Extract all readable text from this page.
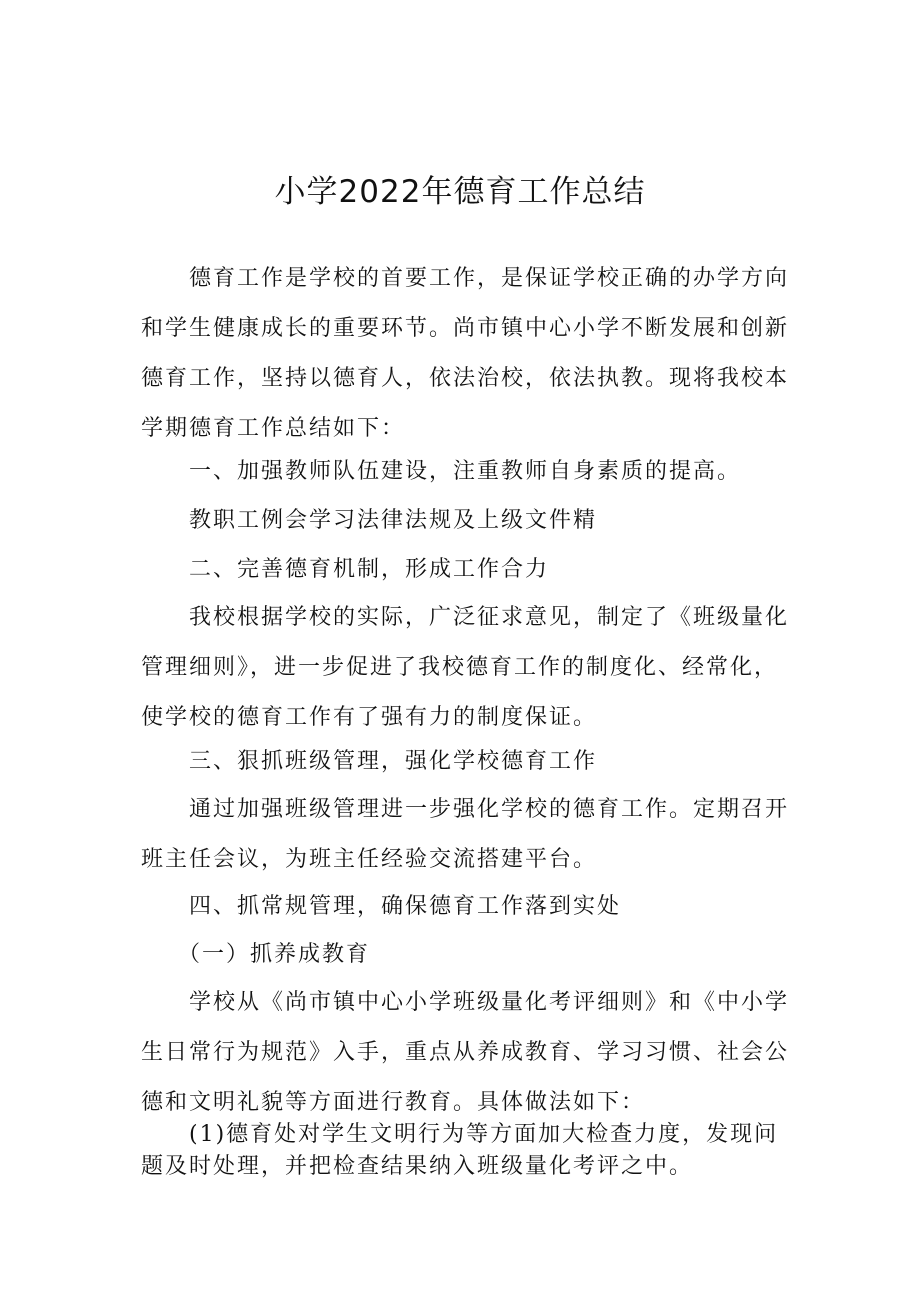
小学2022年德育工作总结

　　德育工作是学校的首要工作，是保证学校正确的办学方向
和学生健康成长的重要环节。尚市镇中心小学不断发展和创新
德育工作，坚持以德育人，依法治校，依法执教。现将我校本
学期德育工作总结如下：

　　一、加强教师队伍建设，注重教师自身素质的提高。

　　教职工例会学习法律法规及上级文件精

　　二、完善德育机制，形成工作合力

　　我校根据学校的实际，广泛征求意见，制定了《班级量化
管理细则》，进一步促进了我校德育工作的制度化、经常化，
使学校的德育工作有了强有力的制度保证。

　　三、狠抓班级管理，强化学校德育工作

　　通过加强班级管理进一步强化学校的德育工作。定期召开
班主任会议，为班主任经验交流搭建平台。

　　四、抓常规管理，确保德育工作落到实处

　　（一）抓养成教育

　　学校从《尚市镇中心小学班级量化考评细则》和《中小学
生日常行为规范》入手，重点从养成教育、学习习惯、社会公
德和文明礼貌等方面进行教育。具体做法如下：

　　(1)德育处对学生文明行为等方面加大检查力度，发现问
题及时处理，并把检查结果纳入班级量化考评之中。
